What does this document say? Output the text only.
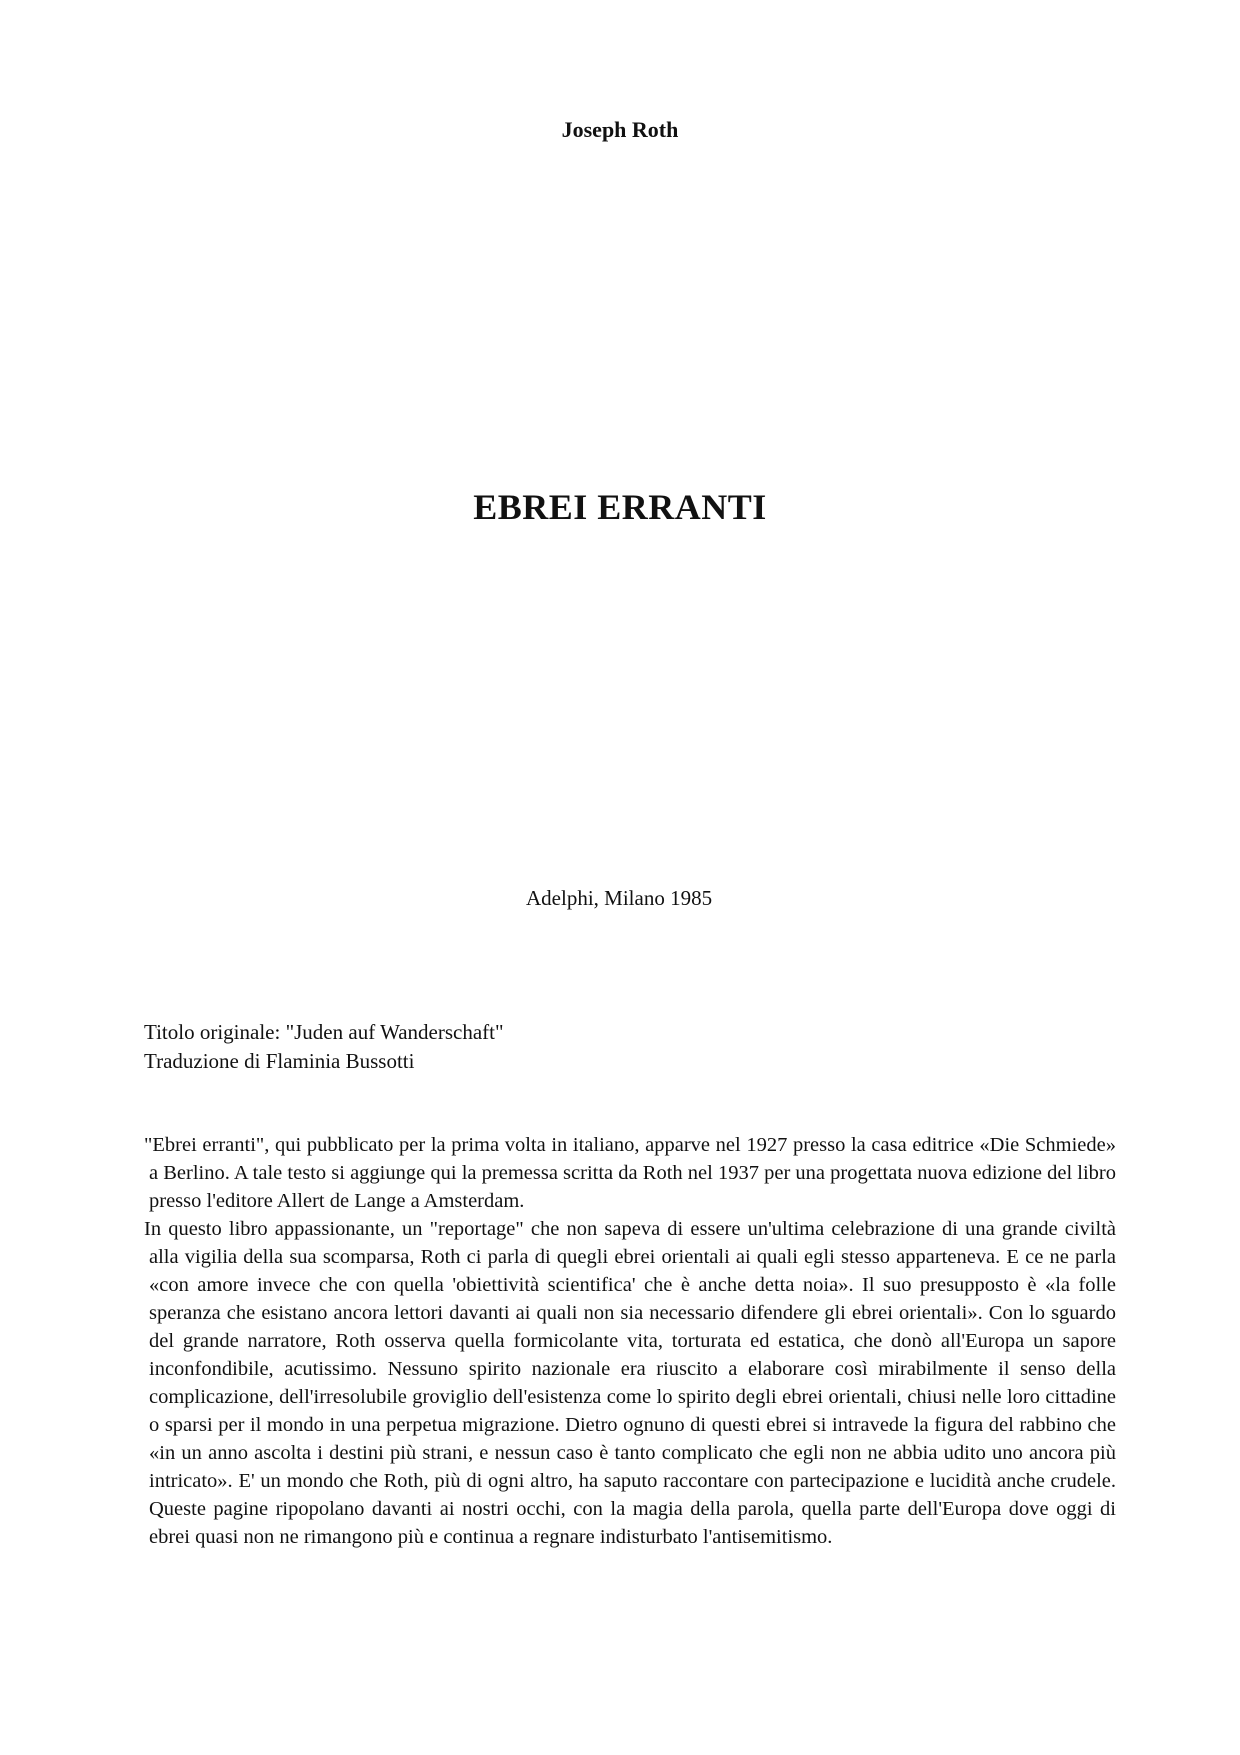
Joseph Roth

EBREI ERRANTI

Adelphi, Milano 1985

Titolo originale: "Juden auf Wanderschaft"
Traduzione di Flaminia Bussotti

"Ebrei erranti", qui pubblicato per la prima volta in italiano, apparve nel 1927 presso la casa editrice «Die Schmiede» a Berlino. A tale testo si aggiunge qui la premessa scritta da Roth nel 1937 per una progettata nuova edizione del libro presso l'editore Allert de Lange a Amsterdam.

In questo libro appassionante, un "reportage" che non sapeva di essere un'ultima celebrazione di una grande civiltà alla vigilia della sua scomparsa, Roth ci parla di quegli ebrei orientali ai quali egli stesso apparteneva. E ce ne parla «con amore invece che con quella 'obiettività scientifica' che è anche detta noia». Il suo presupposto è «la folle speranza che esistano ancora lettori davanti ai quali non sia necessario difendere gli ebrei orientali». Con lo sguardo del grande narratore, Roth osserva quella formicolante vita, torturata ed estatica, che donò all'Europa un sapore inconfondibile, acutissimo. Nessuno spirito nazionale era riuscito a elaborare così mirabilmente il senso della complicazione, dell'irresolubile groviglio dell'esistenza come lo spirito degli ebrei orientali, chiusi nelle loro cittadine o sparsi per il mondo in una perpetua migrazione. Dietro ognuno di questi ebrei si intravede la figura del rabbino che «in un anno ascolta i destini più strani, e nessun caso è tanto complicato che egli non ne abbia udito uno ancora più intricato». E' un mondo che Roth, più di ogni altro, ha saputo raccontare con partecipazione e lucidità anche crudele. Queste pagine ripopolano davanti ai nostri occhi, con la magia della parola, quella parte dell'Europa dove oggi di ebrei quasi non ne rimangono più e continua a regnare indisturbato l'antisemitismo.
